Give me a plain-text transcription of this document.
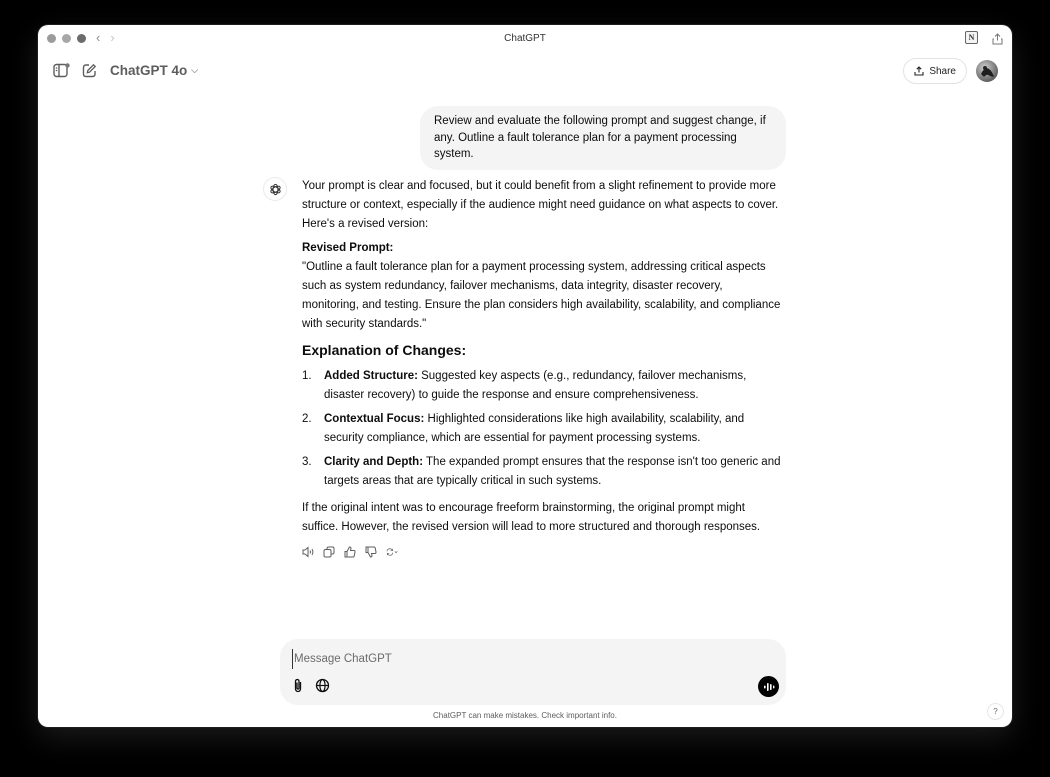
‹ ›	ChatGPT	N
ChatGPT 4o ⌵	Share
Review and evaluate the following prompt and suggest change, if any. Outline a fault tolerance plan for a payment processing system.

Your prompt is clear and focused, but it could benefit from a slight refinement to provide more structure or context, especially if the audience might need guidance on what aspects to cover. Here's a revised version:

Revised Prompt:

"Outline a fault tolerance plan for a payment processing system, addressing critical aspects such as system redundancy, failover mechanisms, data integrity, disaster recovery, monitoring, and testing. Ensure the plan considers high availability, scalability, and compliance with security standards."

Explanation of Changes:
1.	Added Structure: Suggested key aspects (e.g., redundancy, failover mechanisms, disaster recovery) to guide the response and ensure comprehensiveness.
2.	Contextual Focus: Highlighted considerations like high availability, scalability, and security compliance, which are essential for payment processing systems.
3.	Clarity and Depth: The expanded prompt ensures that the response isn't too generic and targets areas that are typically critical in such systems.

If the original intent was to encourage freeform brainstorming, the original prompt might suffice. However, the revised version will lead to more structured and thorough responses.

Message ChatGPT
ChatGPT can make mistakes. Check important info.	?
